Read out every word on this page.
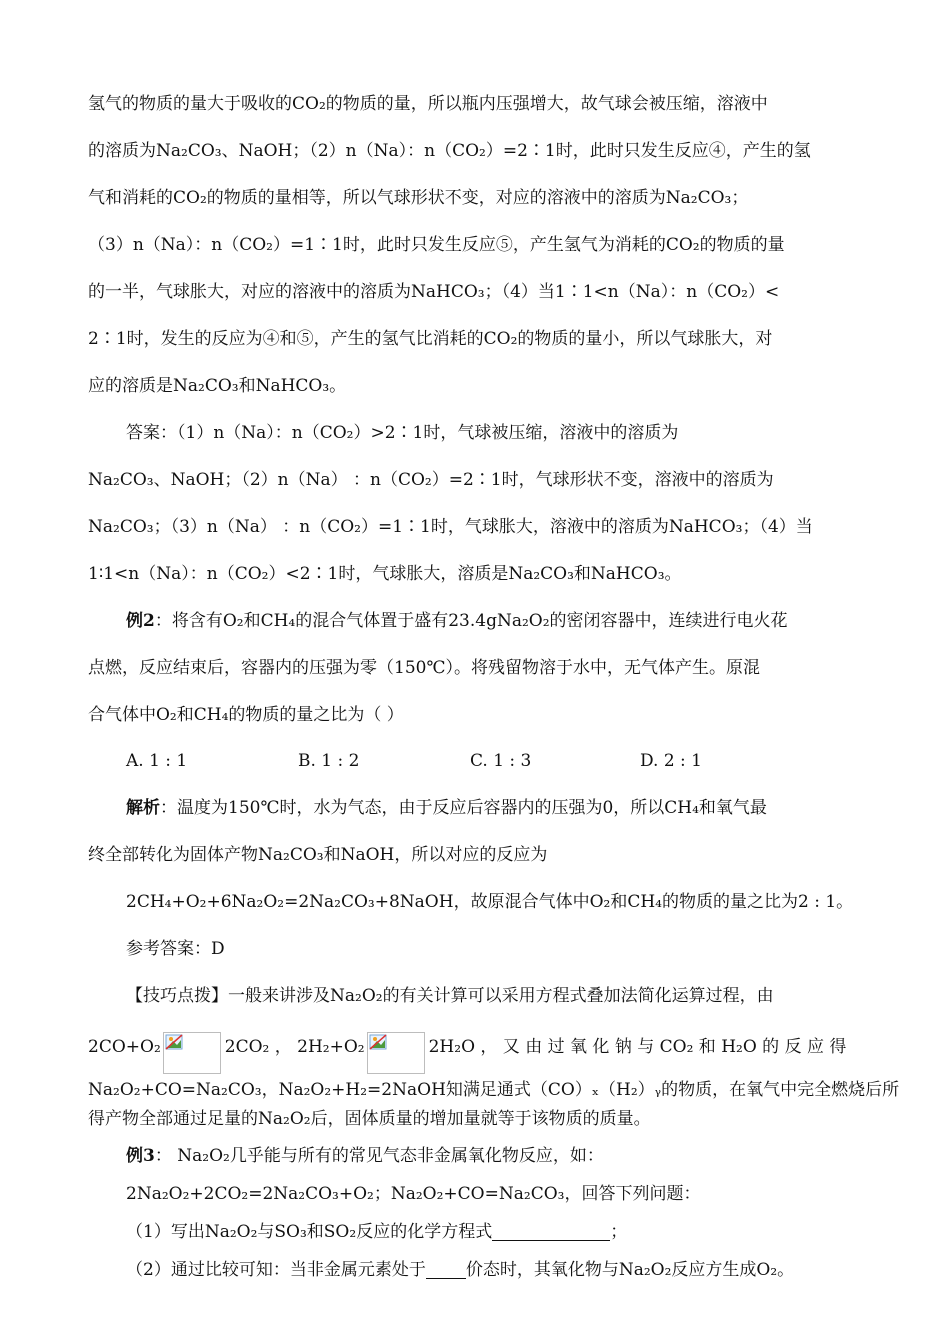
氢气的物质的量大于吸收的CO₂的物质的量，所以瓶内压强增大，故气球会被压缩，溶液中
的溶质为Na₂CO₃、NaOH；（2）n（Na）：n（CO₂）=2∶1时，此时只发生反应④，产生的氢
气和消耗的CO₂的物质的量相等，所以气球形状不变，对应的溶液中的溶质为Na₂CO₃；
（3）n（Na）：n（CO₂）=1∶1时，此时只发生反应⑤，产生氢气为消耗的CO₂的物质的量
的一半，气球胀大，对应的溶液中的溶质为NaHCO₃；（4）当1∶1<n（Na）：n（CO₂）<
2∶1时，发生的反应为④和⑤，产生的氢气比消耗的CO₂的物质的量小，所以气球胀大，对
应的溶质是Na₂CO₃和NaHCO₃。
答案：（1）n（Na）：n（CO₂）>2∶1时，气球被压缩，溶液中的溶质为
Na₂CO₃、NaOH；（2）n（Na） ：n（CO₂）=2∶1时，气球形状不变，溶液中的溶质为
Na₂CO₃；（3）n（Na） ：n（CO₂）=1∶1时，气球胀大，溶液中的溶质为NaHCO₃；（4）当
1∶1<n（Na）：n（CO₂）<2∶1时，气球胀大，溶质是Na₂CO₃和NaHCO₃。
例2：将含有O₂和CH₄的混合气体置于盛有23.4gNa₂O₂的密闭容器中，连续进行电火花
点燃，反应结束后，容器内的压强为零（150℃）。将残留物溶于水中，无气体产生。原混
合气体中O₂和CH₄的物质的量之比为（ ）
A. 1 : 1	B. 1 : 2	C. 1 : 3	D. 2 : 1
解析：温度为150℃时，水为气态，由于反应后容器内的压强为0，所以CH₄和氧气最
终全部转化为固体产物Na₂CO₃和NaOH，所以对应的反应为
2CH₄+O₂+6Na₂O₂=2Na₂CO₃+8NaOH，故原混合气体中O₂和CH₄的物质的量之比为2 : 1。
参考答案：D
【技巧点拨】一般来讲涉及Na₂O₂的有关计算可以采用方程式叠加法简化运算过程，由
2CO+O₂	2CO₂ ， 2H₂+O₂	2H₂O ， 又 由 过 氧 化 钠 与 CO₂ 和 H₂O 的 反 应 得
Na₂O₂+CO=Na₂CO₃，Na₂O₂+H₂=2NaOH知满足通式（CO）ₓ（H₂）ᵧ的物质，在氧气中完全燃烧后所
得产物全部通过足量的Na₂O₂后，固体质量的增加量就等于该物质的质量。
例3： Na₂O₂几乎能与所有的常见气态非金属氧化物反应，如：
2Na₂O₂+2CO₂=2Na₂CO₃+O₂；Na₂O₂+CO=Na₂CO₃，回答下列问题：
（1）写出Na₂O₂与SO₃和SO₂反应的化学方程式	；
（2）通过比较可知：当非金属元素处于 价态时，其氧化物与Na₂O₂反应方生成O₂。
